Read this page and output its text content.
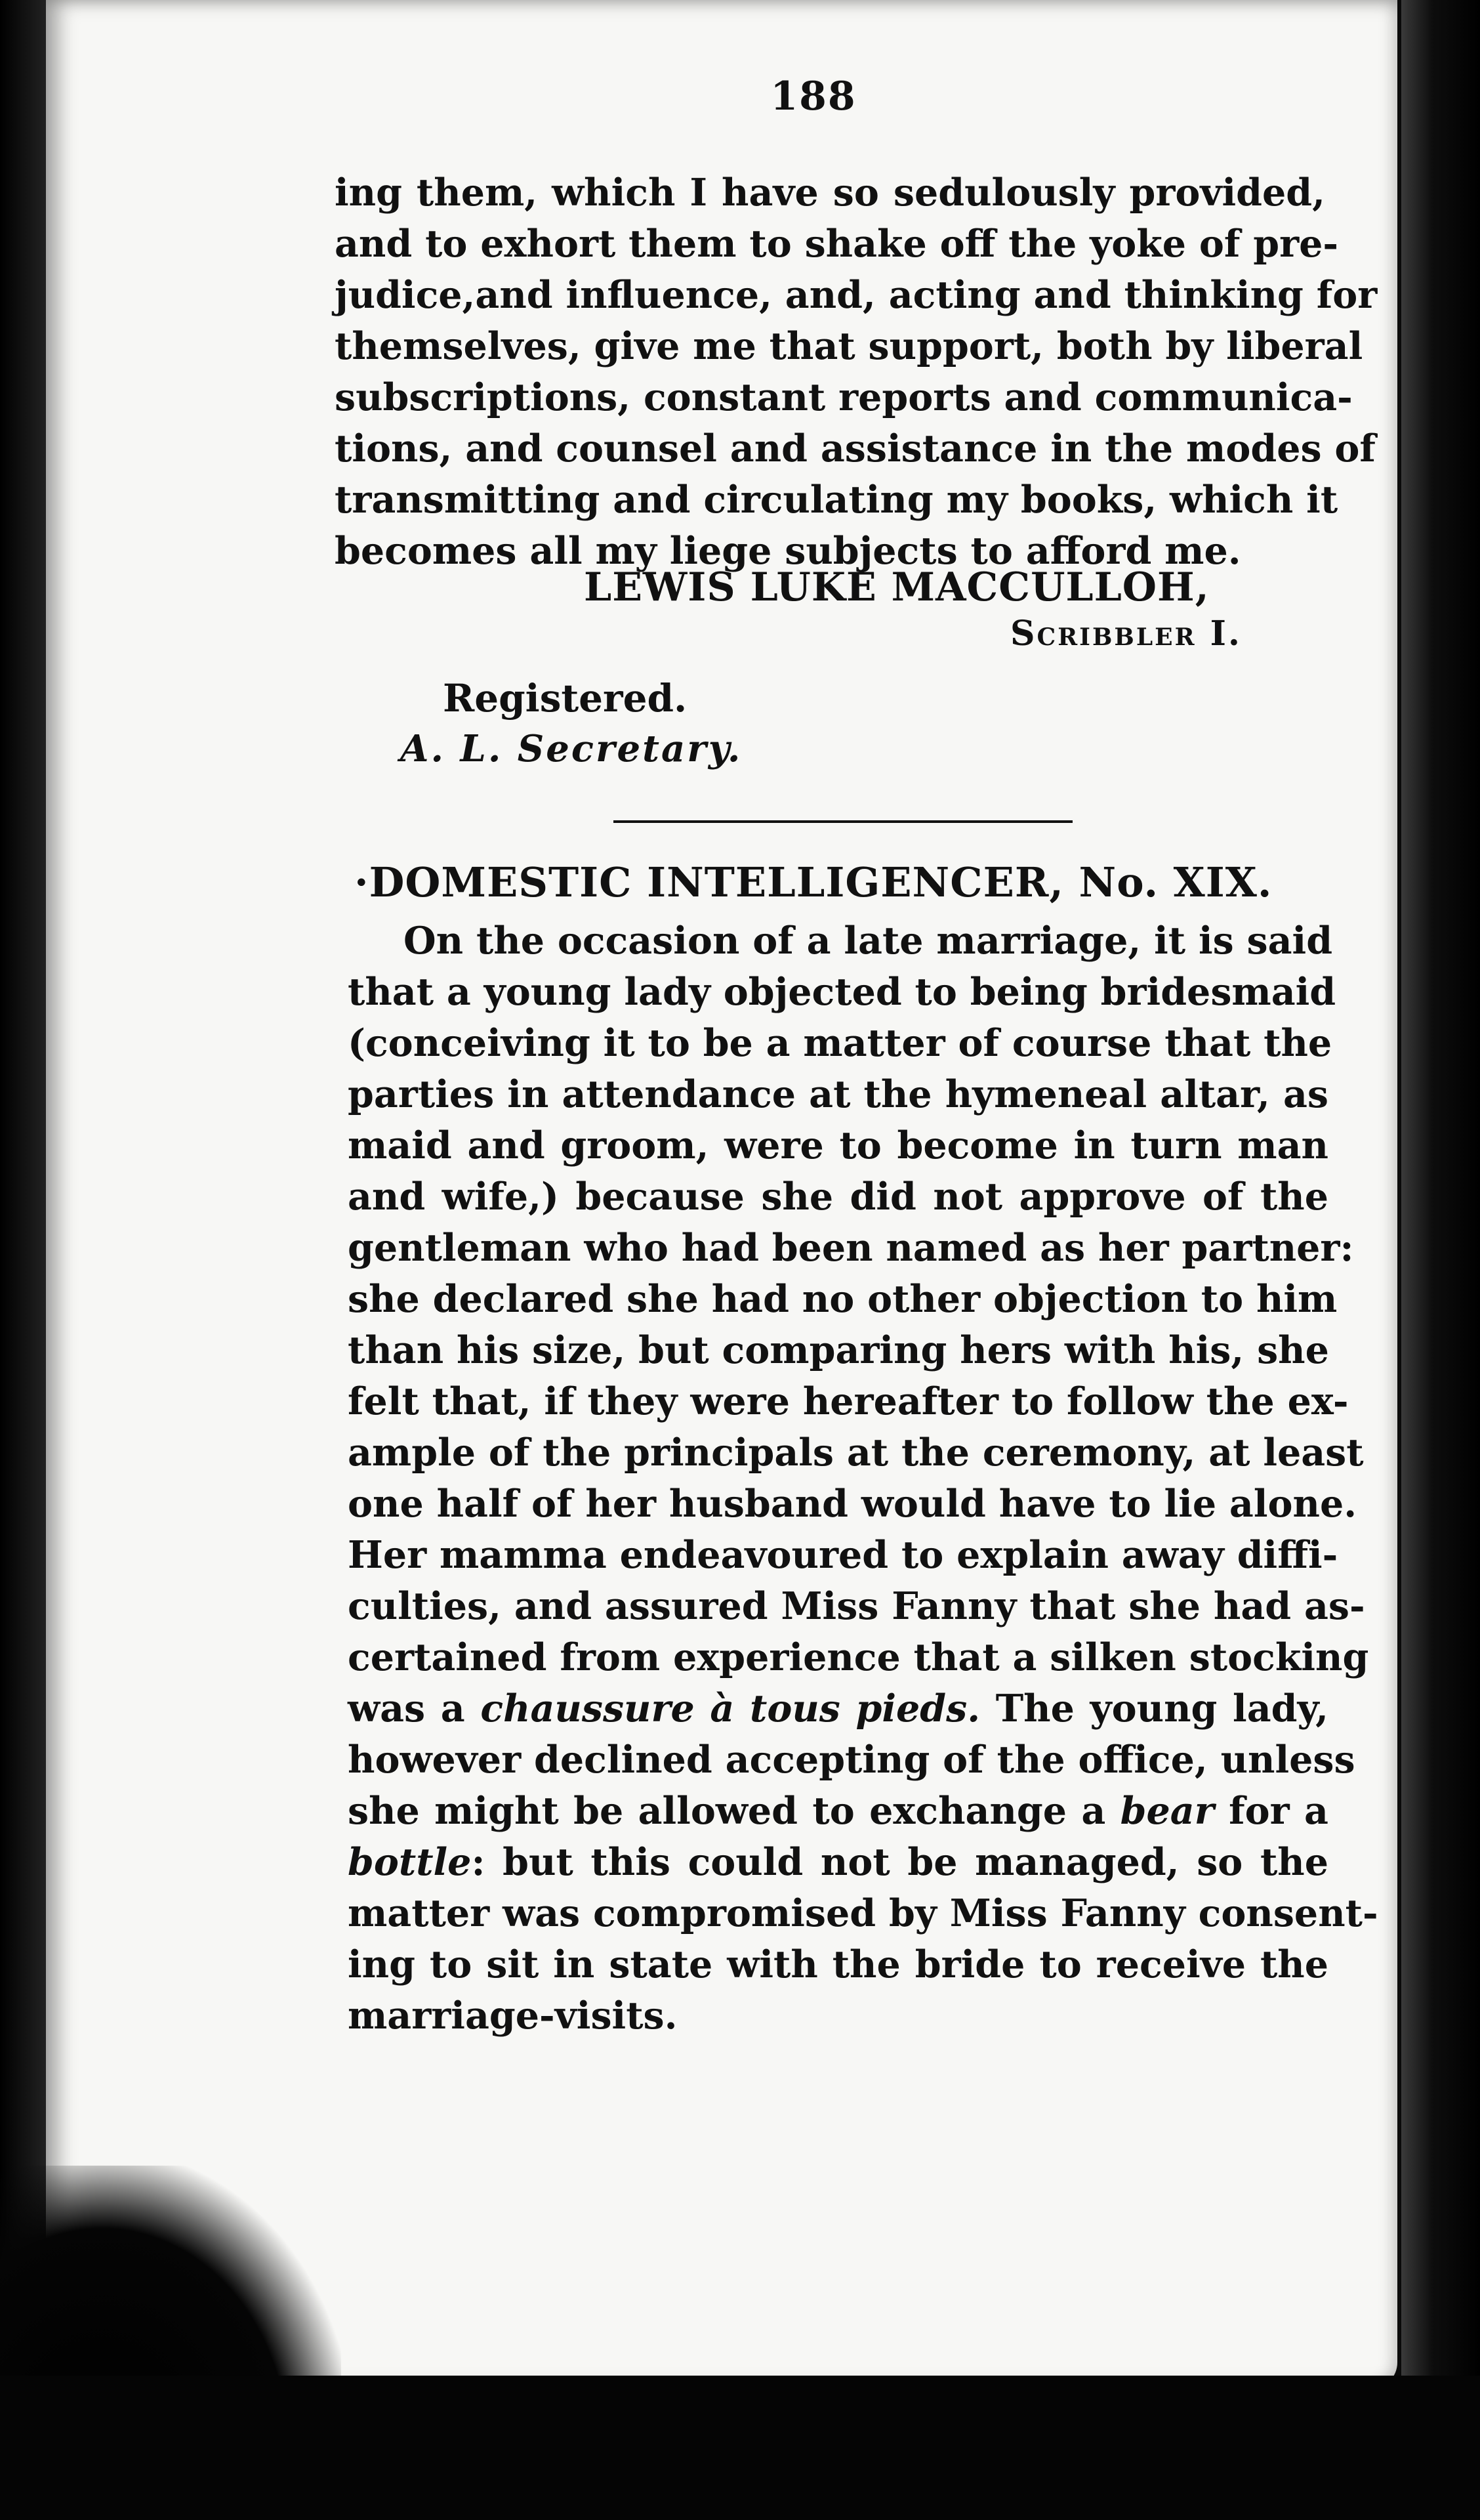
188
ing them, which I have so sedulously provided,
and to exhort them to shake off the yoke of pre-
judice,and influence, and, acting and thinking for
themselves, give me that support, both by liberal
subscriptions, constant reports and communica-
tions, and counsel and assistance in the modes of
transmitting and circulating my books, which it
becomes all my liege subjects to afford me.
LEWIS LUKE MACCULLOH,
Scribbler I.
Registered.
A. L. Secretary.
·DOMESTIC INTELLIGENCER, No. XIX.
On the occasion of a late marriage, it is said
that a young lady objected to being bridesmaid
(conceiving it to be a matter of course that the
parties in attendance at the hymeneal altar, as
maid and groom, were to become in turn man
and wife,) because she did not approve of the
gentleman who had been named as her partner:
she declared she had no other objection to him
than his size, but comparing hers with his, she
felt that, if they were hereafter to follow the ex-
ample of the principals at the ceremony, at least
one half of her husband would have to lie alone.
Her mamma endeavoured to explain away diffi-
culties, and assured Miss Fanny that she had as-
certained from experience that a silken stocking
was a chaussure à tous pieds. The young lady,
however declined accepting of the office, unless
she might be allowed to exchange a bear for a
bottle: but this could not be managed, so the
matter was compromised by Miss Fanny consent-
ing to sit in state with the bride to receive the
marriage-visits.
